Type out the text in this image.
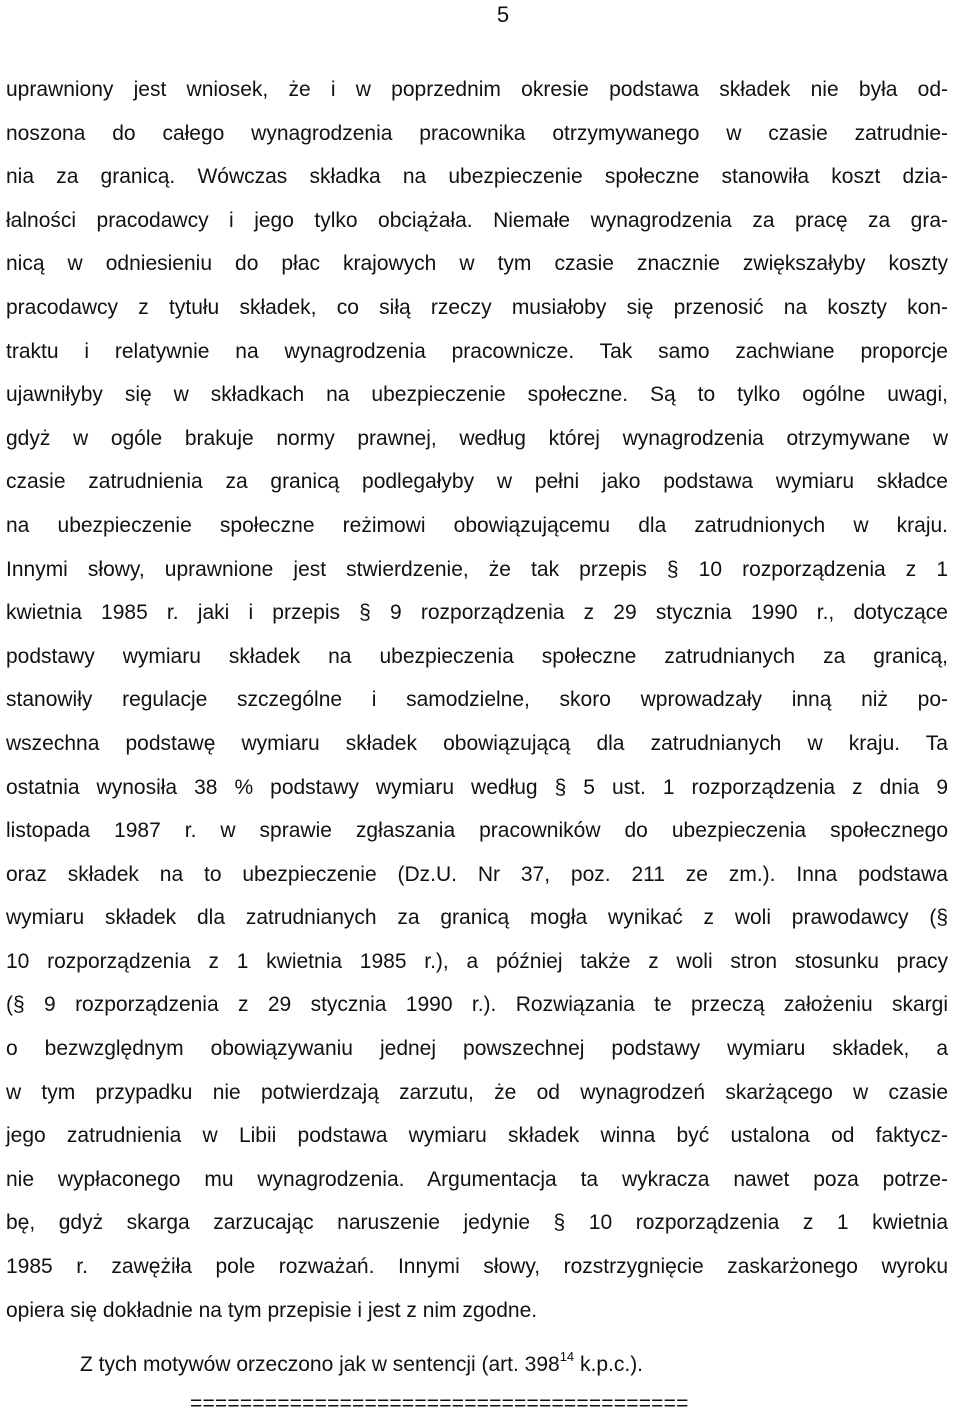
5
uprawniony jest wniosek, że i w poprzednim okresie podstawa składek nie była od-
noszona do całego wynagrodzenia pracownika otrzymywanego w czasie zatrudnie-
nia za granicą. Wówczas składka na ubezpieczenie społeczne stanowiła koszt dzia-
łalności pracodawcy i jego tylko obciążała. Niemałe wynagrodzenia za pracę za gra-
nicą w odniesieniu do płac krajowych w tym czasie znacznie zwiększałyby koszty
pracodawcy z tytułu składek, co siłą rzeczy musiałoby się przenosić na koszty kon-
traktu i relatywnie na wynagrodzenia pracownicze. Tak samo zachwiane proporcje
ujawniłyby się w składkach na ubezpieczenie społeczne. Są to tylko ogólne uwagi,
gdyż w ogóle brakuje normy prawnej, według której wynagrodzenia otrzymywane w
czasie zatrudnienia za granicą podlegałyby w pełni jako podstawa wymiaru składce
na ubezpieczenie społeczne reżimowi obowiązującemu dla zatrudnionych w kraju.
Innymi słowy, uprawnione jest stwierdzenie, że tak przepis § 10 rozporządzenia z 1
kwietnia 1985 r. jaki i przepis § 9 rozporządzenia z 29 stycznia 1990 r., dotyczące
podstawy wymiaru składek na ubezpieczenia społeczne zatrudnianych za granicą,
stanowiły regulacje szczególne i samodzielne, skoro wprowadzały inną niż po-
wszechna podstawę wymiaru składek obowiązującą dla zatrudnianych w kraju. Ta
ostatnia wynosiła 38 % podstawy wymiaru według § 5 ust. 1 rozporządzenia z dnia 9
listopada 1987 r. w sprawie zgłaszania pracowników do ubezpieczenia społecznego
oraz składek na to ubezpieczenie (Dz.U. Nr 37, poz. 211 ze zm.). Inna podstawa
wymiaru składek dla zatrudnianych za granicą mogła wynikać z woli prawodawcy (§
10 rozporządzenia z 1 kwietnia 1985 r.), a później także z woli stron stosunku pracy
(§ 9 rozporządzenia z 29 stycznia 1990 r.). Rozwiązania te przeczą założeniu skargi
o bezwzględnym obowiązywaniu jednej powszechnej podstawy wymiaru składek, a
w tym przypadku nie potwierdzają zarzutu, że od wynagrodzeń skarżącego w czasie
jego zatrudnienia w Libii podstawa wymiaru składek winna być ustalona od faktycz-
nie wypłaconego mu wynagrodzenia. Argumentacja ta wykracza nawet poza potrze-
bę, gdyż skarga zarzucając naruszenie jedynie § 10 rozporządzenia z 1 kwietnia
1985 r. zawężiła pole rozważań. Innymi słowy, rozstrzygnięcie zaskarżonego wyroku
opiera się dokładnie na tym przepisie i jest z nim zgodne.
Z tych motywów orzeczono jak w sentencji (art. $398^{14}$ k.p.c.).
========================================
